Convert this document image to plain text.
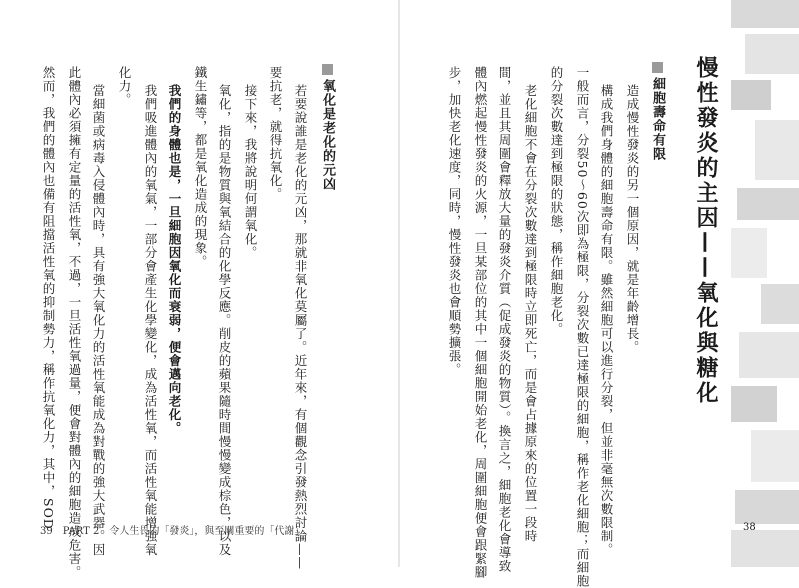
慢性發炎的主因——氧化與糖化
細胞壽命有限
造成慢性發炎的另一個原因，就是年齡增長。
構成我們身體的細胞壽命有限。雖然細胞可以進行分裂，但並非毫無次數限制。
一般而言，分裂50～60次即為極限，分裂次數已達極限的細胞，稱作老化細胞；而細胞
的分裂次數達到極限的狀態，稱作細胞老化。
老化細胞不會在分裂次數達到極限時立即死亡，而是會占據原來的位置一段時
間，並且其周圍會釋放大量的發炎介質（促成發炎的物質）。換言之，細胞老化會導致
體內燃起慢性發炎的火源，一旦某部位的其中一個細胞開始老化，周圍細胞便會跟緊腳
步，加快老化速度，同時，慢性發炎也會順勢擴張。
38
氧化是老化的元凶
若要說誰是老化的元凶，那就非氧化莫屬了。近年來，有個觀念引發熱烈討論——
要抗老，就得抗氧化。
接下來，我將說明何謂氧化。
氧化，指的是物質與氧結合的化學反應。削皮的蘋果隨時間慢慢變成棕色，以及
鐵生鏽等，都是氧化造成的現象。
我們的身體也是，一旦細胞因氧化而衰弱，便會邁向老化。
我們吸進體內的氧氣，一部分會產生化學變化，成為活性氧，而活性氧能增強氧
化力。
當細菌或病毒入侵體內時，具有強大氧化力的活性氧能成為對戰的強大武器。因
此體內必須擁有定量的活性氧，不過，一旦活性氧過量，便會對體內的細胞造成危害。
然而，我們的體內也備有阻擋活性氧的抑制勢力，稱作抗氧化力，其中，SOD
39　PART 2　令人生畏的「發炎」，與至關重要的「代謝」
